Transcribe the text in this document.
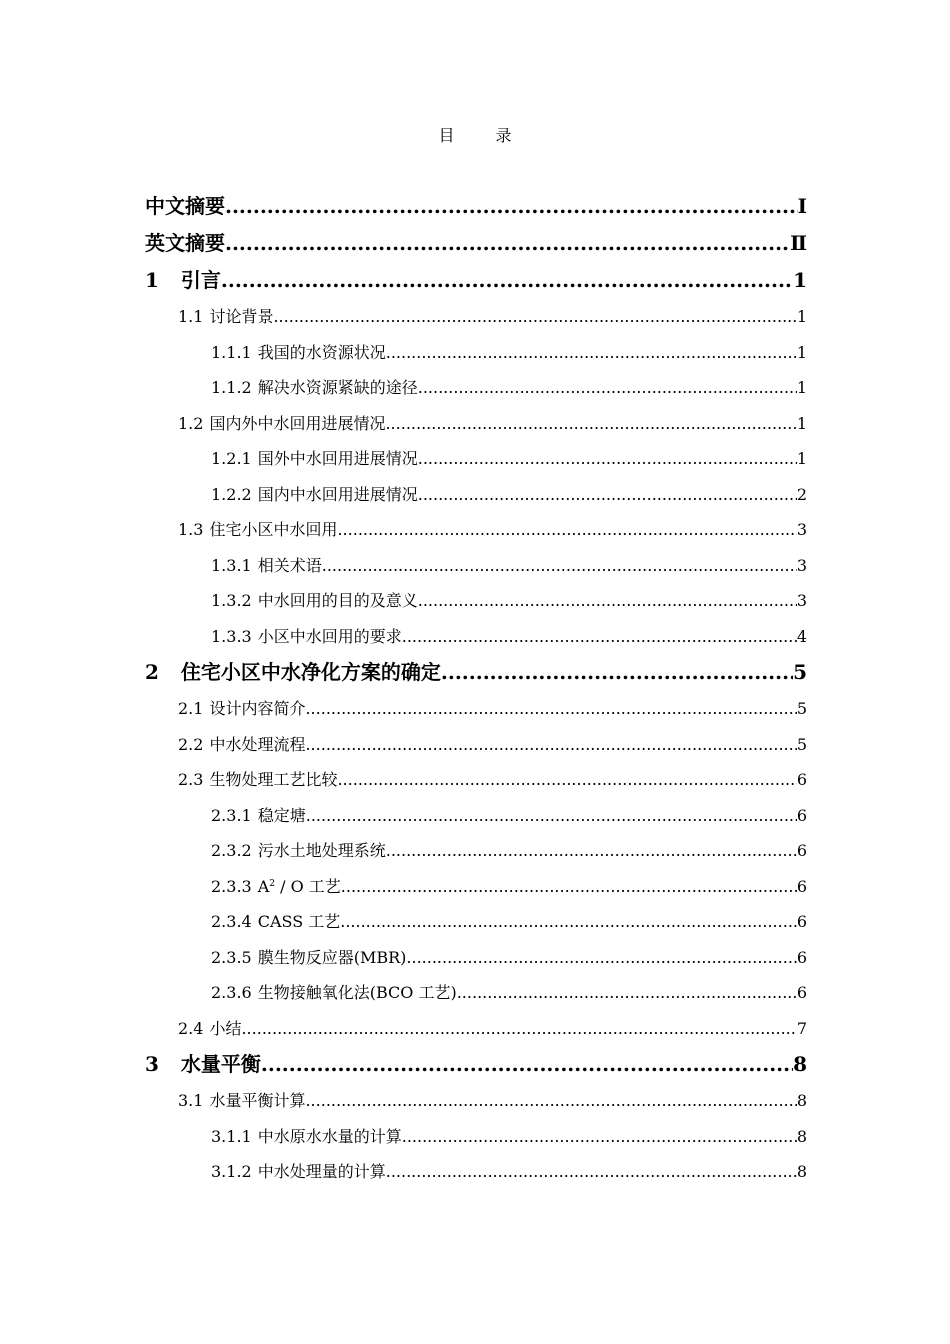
目 录
中文摘要 .....	I
英文摘要 .....	Ⅱ
1 引言 .....	1
1.1 讨论背景 .....	1
1.1.1 我国的水资源状况 .....	1
1.1.2 解决水资源紧缺的途径 .....	1
1.2 国内外中水回用进展情况 .....	1
1.2.1 国外中水回用进展情况 .....	1
1.2.2 国内中水回用进展情况 .....	2
1.3 住宅小区中水回用 .....	3
1.3.1 相关术语 .....	3
1.3.2 中水回用的目的及意义 .....	3
1.3.3 小区中水回用的要求 .....	4
2 住宅小区中水净化方案的确定 .....	5
2.1 设计内容简介 .....	5
2.2 中水处理流程 .....	5
2.3 生物处理工艺比较 .....	6
2.3.1 稳定塘 .....	6
2.3.2 污水土地处理系统 .....	6
2.3.3 $A^2$ / O 工艺 .....	6
2.3.4 CASS 工艺 .....	6
2.3.5 膜生物反应器(MBR) .....	6
2.3.6 生物接触氧化法(BCO 工艺) .....	6
2.4 小结 .....	7
3 水量平衡 .....	8
3.1 水量平衡计算 .....	8
3.1.1 中水原水水量的计算 .....	8
3.1.2 中水处理量的计算 .....	8
